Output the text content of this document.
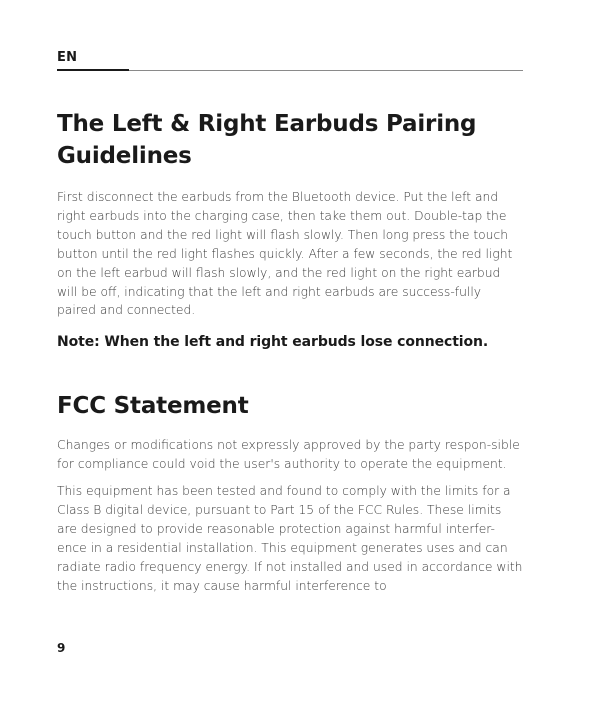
EN
The Left & Right Earbuds Pairing Guidelines

First disconnect the earbuds from the Bluetooth device. Put the left and right earbuds into the charging case, then take them out. Double-tap the touch button and the red light will flash slowly. Then long press the touch button until the red light flashes quickly. After a few seconds, the red light on the left earbud will flash slowly, and the red light on the right earbud will be off, indicating that the left and right earbuds are success-fully paired and connected.

Note: When the left and right earbuds lose connection.
FCC Statement

Changes or modifications not expressly approved by the party respon-sible for compliance could void the user's authority to operate the equipment.

This equipment has been tested and found to comply with the limits for a Class B digital device, pursuant to Part 15 of the FCC Rules. These limits are designed to provide reasonable protection against harmful interfer-ence in a residential installation. This equipment generates uses and can radiate radio frequency energy. If not installed and used in accordance with the instructions, it may cause harmful interference to

9
